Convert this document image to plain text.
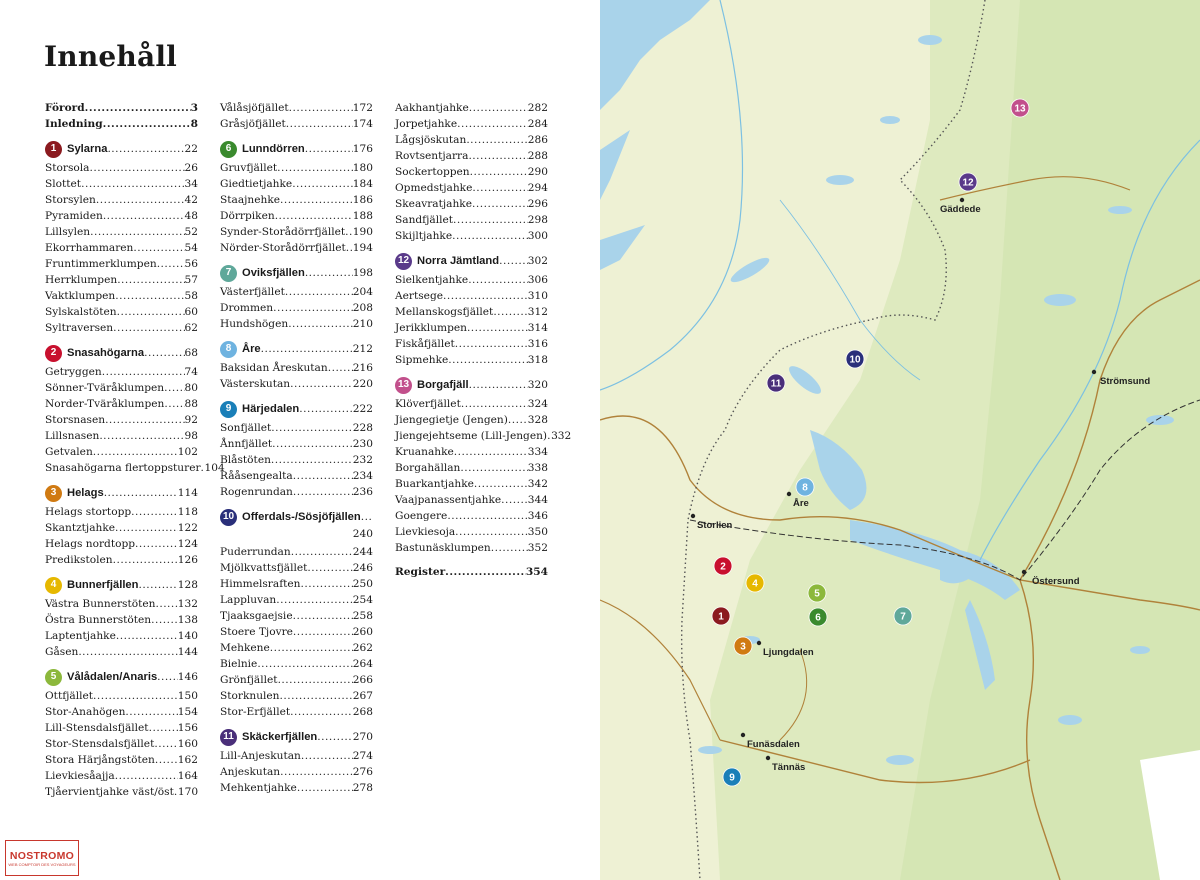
Innehåll
Förord .....	3
Inledning .....	8
1 Sylarna .....	22
Storsola .....	26
Slottet .....	34
Storsylen .....	42
Pyramiden .....	48
Lillsylen .....	52
Ekorrhammaren .....	54
Fruntimmerklumpen .....	56
Herrklumpen .....	57
Vaktklumpen .....	58
Sylskalstöten .....	60
Syltraversen .....	62
2 Snasahögarna .....	68
Getryggen .....	74
Sönner-Tväråklumpen ..... 80
Norder-Tväråklumpen ..... 88
Storsnasen .....	92
Lillsnasen .....	98
Getvalen .....	102
Snasahögarna flertoppsturer ..... 104
3 Helags .....	114
Helags stortopp .....	118
Skantztjahke .....	122
Helags nordtopp .....	124
Predikstolen .....	126
4 Bunnerfjällen .....	128
Västra Bunnerstöten ..... 132
Östra Bunnerstöten .....	138
Laptentjahke .....	140
Gåsen .....	144
5 Vålådalen/Anaris ..... 146
Ottfjället .....	150
Stor-Anahögen .....	154
Lill-Stensdalsfjället .....	156
Stor-Stensdalsfjället ..... 160
Stora Härjångstöten ..... 162
Lievkiesåajja .....	164
Tjåervientjahke väst/öst ..... 170
Vålåsjöfjället .....	172
Gråsjöfjället .....	174
6 Lunndörren .....	176
Gruvfjället .....	180
Giedtietjahke .....	184
Staajnehke .....	186
Dörrpiken .....	188
Synder-Storådörrfjället ..... 190
Nörder-Storådörrfjället ..... 194
7 Oviksfjällen .....	198
Västerfjället .....	204
Drommen .....	208
Hundshögen .....	210
8 Åre .....	212
Baksidan Åreskutan ..... 216
Västerskutan .....	220
9 Härjedalen .....	222
Sonfjället .....	228
Ånnfjället .....	230
Blåstöten .....	232
Rååsengealta .....	234
Rogenrundan .....	236
10 Offerdals-/Sösjöfjällen
.....
240
Puderrundan .....	244
Mjölkvattsfjället .....	246
Himmelsraften .....	250
Lappluvan .....	254
Tjaaksgaejsie .....	258
Stoere Tjovre .....	260
Mehkene .....	262
Bielnie .....	264
Grönfjället .....	266
Storknulen .....	267
Stor-Erfjället .....	268
11 Skäckerfjällen .....	270
Lill-Anjeskutan .....	274
Anjeskutan .....	276
Mehkentjahke .....	278
Aakhantjahke .....	282
Jorpetjahke .....	284
Lågsjöskutan .....	286
Rovtsentjarra .....	288
Sockertoppen .....	290
Opmedstjahke .....	294
Skeavratjahke .....	296
Sandfjället .....	298
Skijltjahke .....	300
12 Norra Jämtland .....	302
Sielkentjahke .....	306
Aertsege .....	310
Mellanskogsfjället .....	312
Jerikklumpen .....	314
Fiskåfjället .....	316
Sipmehke .....	318
13 Borgafjäll .....	320
Klöverfjället .....	324
Jiengegietje (Jengen) ..... 328
Jiengejehtseme (Lill-Jengen) ..... 332
Kruanahke .....	334
Borgahällan .....	338
Buarkantjahke .....	342
Vaajpanassentjahke .....	344
Goengere .....	346
Lievkiesoja .....	350
Bastunäsklumpen .....	352
Register .....	354
Gäddede
Strömsund
Åre
Storlien
Östersund
Ljungdalen
Funäsdalen
Tännäs
13
12
10
11
8
2
4
5
1	6	7
3
9
NOSTROMO
WEB COMPTOIR DES VOYAGEURS
